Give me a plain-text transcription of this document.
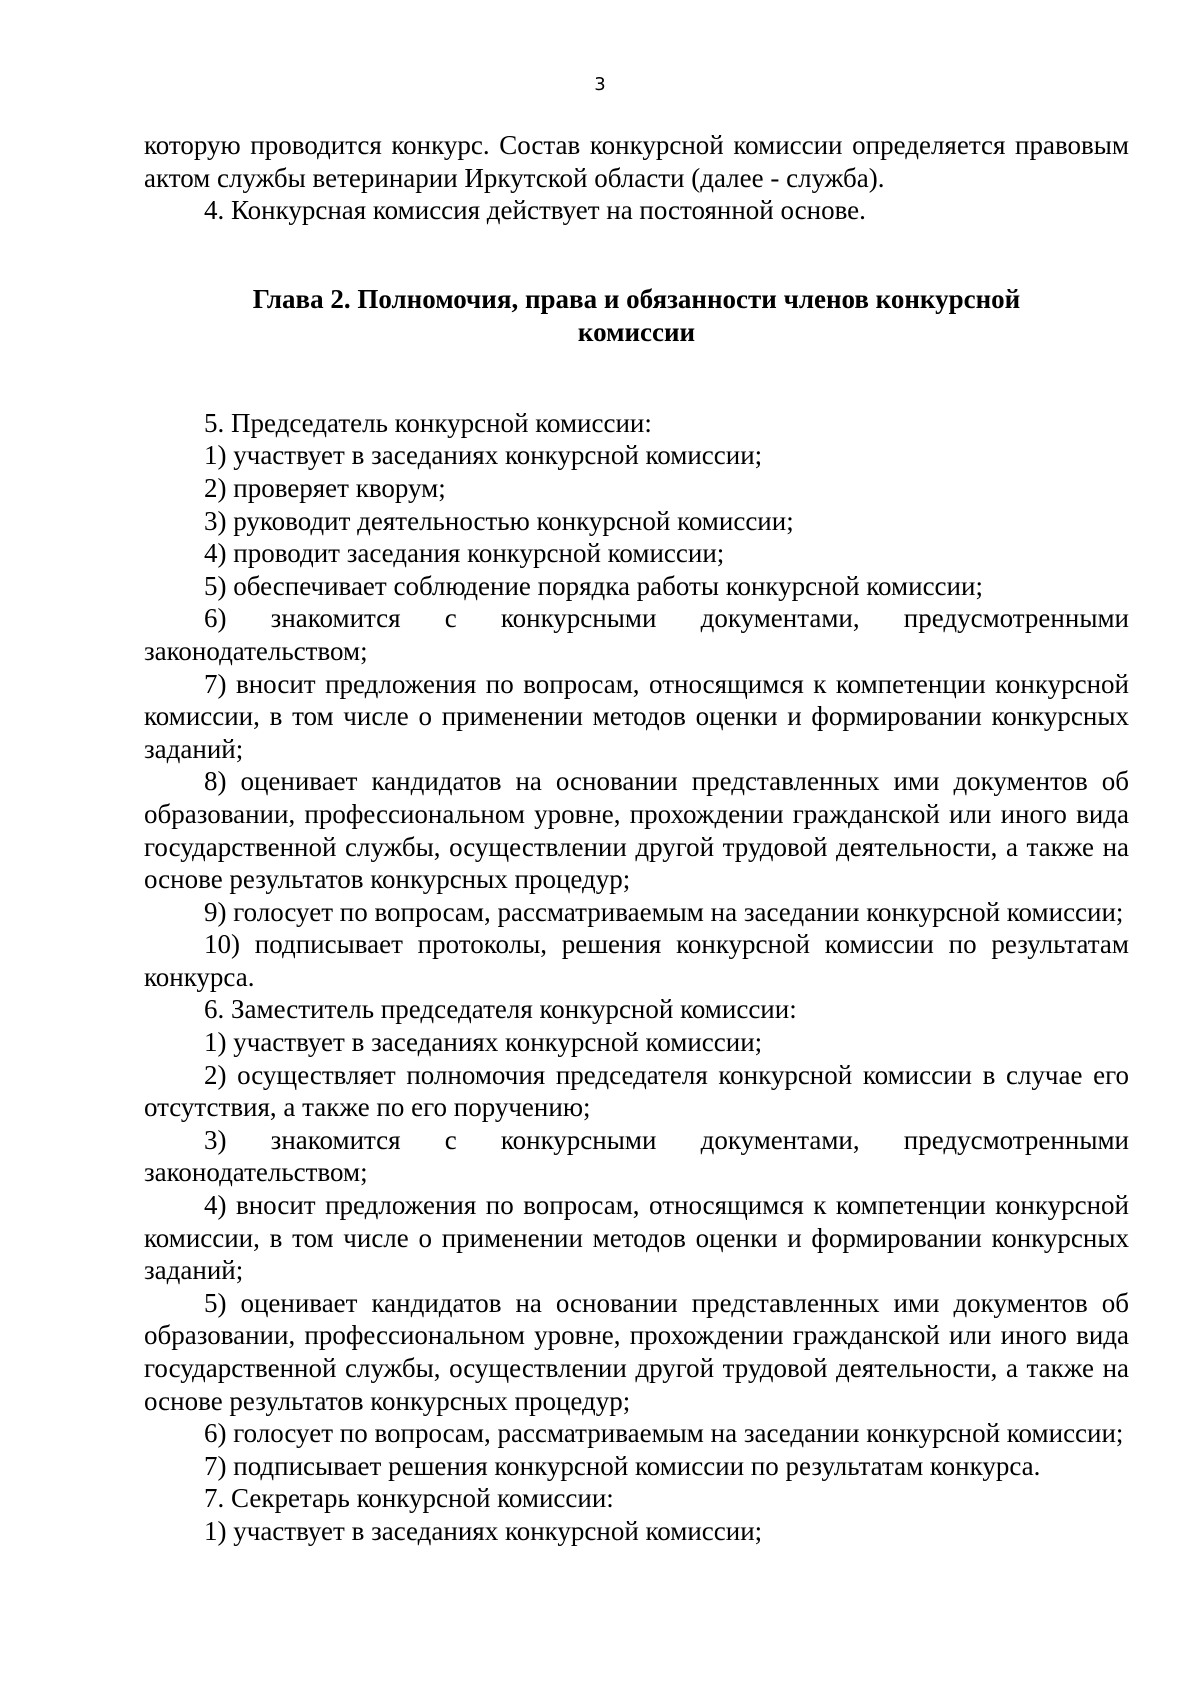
3

которую проводится конкурс. Состав конкурсной комиссии определяется правовым актом службы ветеринарии Иркутской области (далее - служба).

4. Конкурсная комиссия действует на постоянной основе.

Глава 2. Полномочия, права и обязанности членов конкурсной
комиссии

5. Председатель конкурсной комиссии:

1) участвует в заседаниях конкурсной комиссии;

2) проверяет кворум;

3) руководит деятельностью конкурсной комиссии;

4) проводит заседания конкурсной комиссии;

5) обеспечивает соблюдение порядка работы конкурсной комиссии;

6) знакомится с конкурсными документами, предусмотренными законодательством;

7) вносит предложения по вопросам, относящимся к компетенции конкурсной комиссии, в том числе о применении методов оценки и формировании конкурсных заданий;

8) оценивает кандидатов на основании представленных ими документов об образовании, профессиональном уровне, прохождении гражданской или иного вида государственной службы, осуществлении другой трудовой деятельности, а также на основе результатов конкурсных процедур;

9) голосует по вопросам, рассматриваемым на заседании конкурсной комиссии;

10) подписывает протоколы, решения конкурсной комиссии по результатам конкурса.

6. Заместитель председателя конкурсной комиссии:

1) участвует в заседаниях конкурсной комиссии;

2) осуществляет полномочия председателя конкурсной комиссии в случае его отсутствия, а также по его поручению;

3) знакомится с конкурсными документами, предусмотренными законодательством;

4) вносит предложения по вопросам, относящимся к компетенции конкурсной комиссии, в том числе о применении методов оценки и формировании конкурсных заданий;

5) оценивает кандидатов на основании представленных ими документов об образовании, профессиональном уровне, прохождении гражданской или иного вида государственной службы, осуществлении другой трудовой деятельности, а также на основе результатов конкурсных процедур;

6) голосует по вопросам, рассматриваемым на заседании конкурсной комиссии;

7) подписывает решения конкурсной комиссии по результатам конкурса.

7. Секретарь конкурсной комиссии:

1) участвует в заседаниях конкурсной комиссии;
